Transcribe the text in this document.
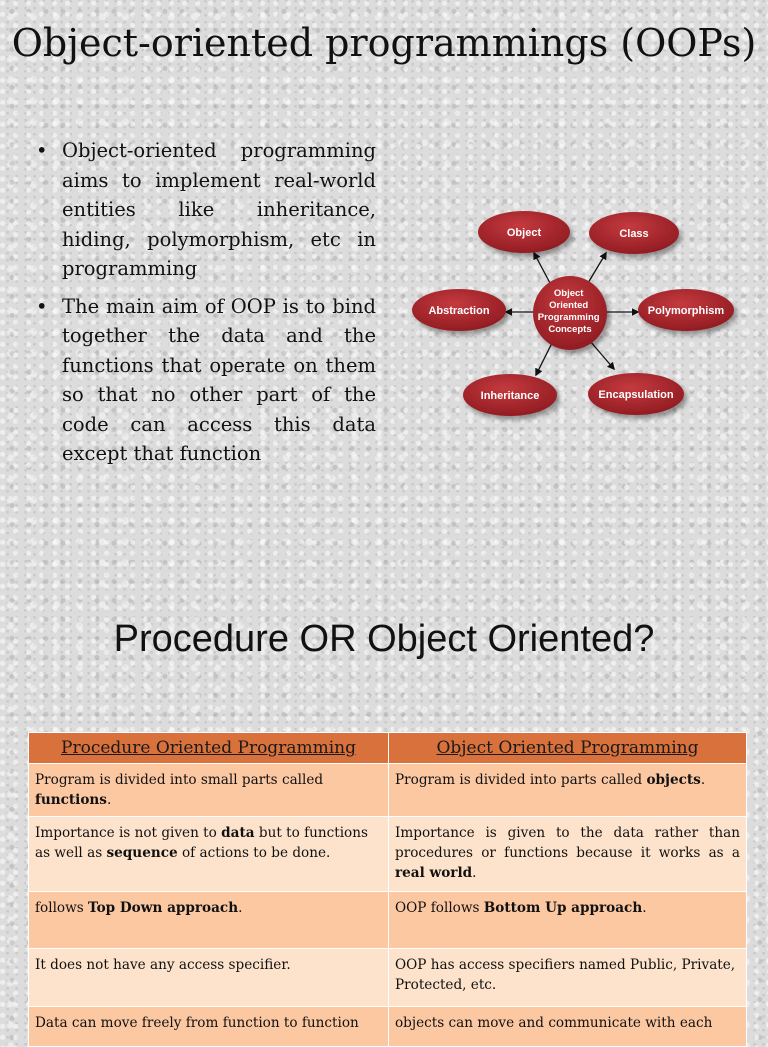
Object-oriented programmings (OOPs)
• Object-oriented programming aims to implement real-world entities like inheritance, hiding, polymorphism, etc in programming
• The main aim of OOP is to bind together the data and the functions that operate on them so that no other part of the code can access this data except that function
Object	Class
Abstraction	Polymorphism
Inheritance	Encapsulation
Object Oriented Programming Concepts
Procedure OR Object Oriented?
Procedure Oriented Programming	Object Oriented Programming
Program is divided into small parts called functions.	Program is divided into parts called objects.
Importance is not given to data but to functions as well as sequence of actions to be done.	Importance is given to the data rather than procedures or functions because it works as a real world.
follows Top Down approach.	OOP follows Bottom Up approach.
It does not have any access specifier.	OOP has access specifiers named Public, Private, Protected, etc.
Data can move freely from function to function	objects can move and communicate with each
